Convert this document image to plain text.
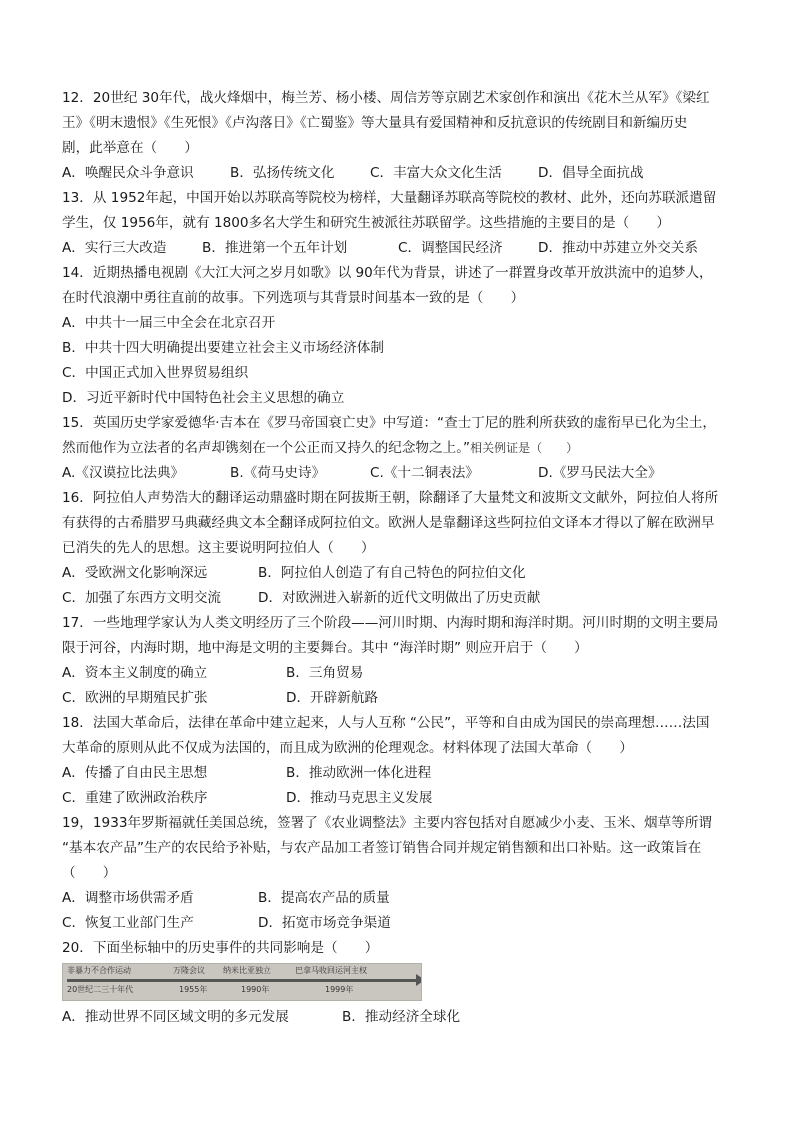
12．20世纪 30年代，战火烽烟中，梅兰芳、杨小楼、周信芳等京剧艺术家创作和演出《花木兰从军》《梁红
王》《明末遗恨》《生死恨》《卢沟落日》《亡蜀鉴》等大量具有爱国精神和反抗意识的传统剧目和新编历史
剧，此举意在（　　）
A．唤醒民众斗争意识	B．弘扬传统文化	C．丰富大众文化生活	D．倡导全面抗战
13．从 1952年起，中国开始以苏联高等院校为榜样，大量翻译苏联高等院校的教材、此外，还向苏联派遣留
学生，仅 1956年，就有 1800多名大学生和研究生被派往苏联留学。这些措施的主要目的是（　　）
A．实行三大改造	B．推进第一个五年计划	C．调整国民经济	D．推动中苏建立外交关系
14．近期热播电视剧《大江大河之岁月如歌》以 90年代为背景，讲述了一群置身改革开放洪流中的追梦人，
在时代浪潮中勇往直前的故事。下列选项与其背景时间基本一致的是（　　）
A．中共十一届三中全会在北京召开
B．中共十四大明确提出要建立社会主义市场经济体制
C．中国正式加入世界贸易组织
D．习近平新时代中国特色社会主义思想的确立
15．英国历史学家爱德华·吉本在《罗马帝国衰亡史》中写道：“查士丁尼的胜利所获致的虚衔早已化为尘土，
然而他作为立法者的名声却镌刻在一个公正而又持久的纪念物之上。”相关例证是（　　）
A.《汉谟拉比法典》	B.《荷马史诗》	C.《十二铜表法》	D.《罗马民法大全》
16．阿拉伯人声势浩大的翻译运动鼎盛时期在阿拔斯王朝，除翻译了大量梵文和波斯文文献外，阿拉伯人将所
有获得的古希腊罗马典藏经典文本全翻译成阿拉伯文。欧洲人是靠翻译这些阿拉伯文译本才得以了解在欧洲早
已消失的先人的思想。这主要说明阿拉伯人（　　）
A．受欧洲文化影响深远	B．阿拉伯人创造了有自己特色的阿拉伯文化
C．加强了东西方文明交流	D．对欧洲进入崭新的近代文明做出了历史贡献
17．一些地理学家认为人类文明经历了三个阶段——河川时期、内海时期和海洋时期。河川时期的文明主要局
限于河谷，内海时期，地中海是文明的主要舞台。其中 “海洋时期” 则应开启于（　　）
A．资本主义制度的确立	B．三角贸易
C．欧洲的早期殖民扩张	D．开辟新航路
18．法国大革命后，法律在革命中建立起来，人与人互称 “公民”，平等和自由成为国民的崇高理想……法国
大革命的原则从此不仅成为法国的，而且成为欧洲的伦理观念。材料体现了法国大革命（　　）
A．传播了自由民主思想	B．推动欧洲一体化进程
C．重建了欧洲政治秩序	D．推动马克思主义发展
19，1933年罗斯福就任美国总统，签署了《农业调整法》主要内容包括对自愿减少小麦、玉米、烟草等所谓
“基本农产品”生产的农民给予补贴，与农产品加工者签订销售合同并规定销售额和出口补贴。这一政策旨在
（　　）
A．调整市场供需矛盾	B．提高农产品的质量
C．恢复工业部门生产	D．拓宽市场竞争渠道
20．下面坐标轴中的历史事件的共同影响是（　　）
非暴力不合作运动	万隆会议 纳米比亚独立	巴拿马收回运河主权
20世纪二三十年代	1955年	1990年	1999年
A．推动世界不同区域文明的多元发展	B．推动经济全球化
